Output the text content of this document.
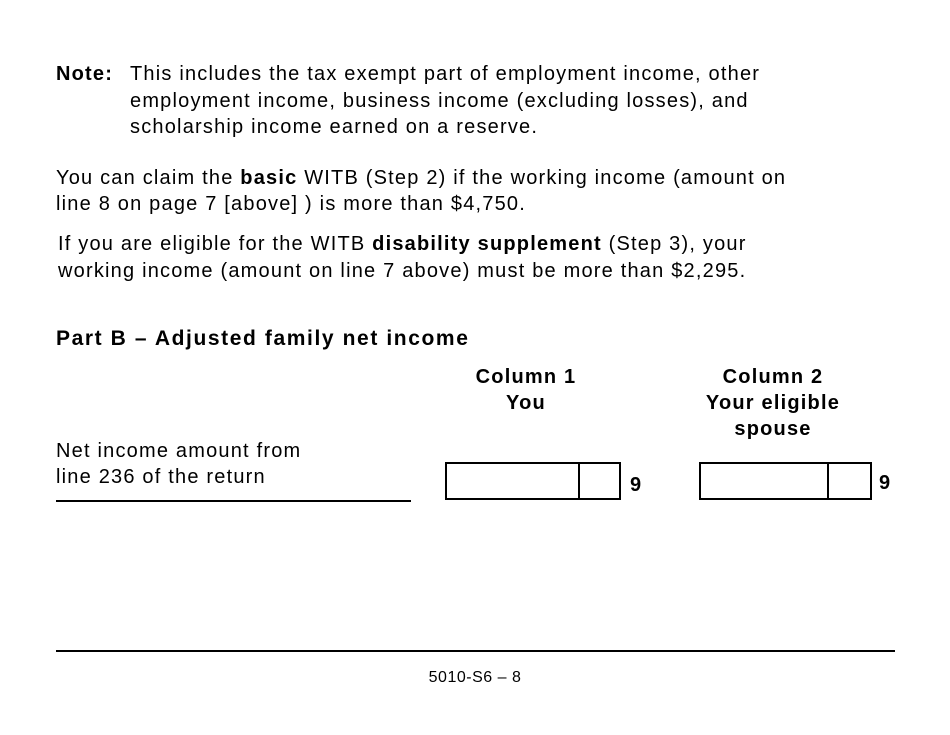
Note: This includes the tax exempt part of employment income, other
employment income, business income (excluding losses), and
scholarship income earned on a reserve.
You can claim the basic WITB (Step 2) if the working income (amount on
line 8 on page 7 [above] ) is more than $4,750.
If you are eligible for the WITB disability supplement (Step 3), your
working income (amount on line 7 above) must be more than $2,295.
Part B – Adjusted family net income
Column 1
You
Column 2
Your eligible
spouse
Net income amount from
line 236 of the return	9	9
5010-S6 – 8
